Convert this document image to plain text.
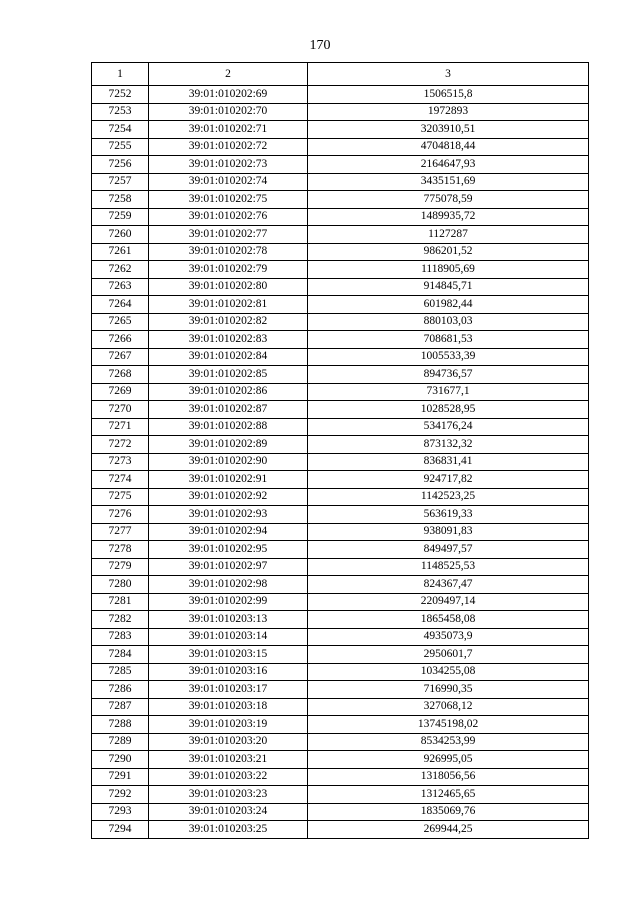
170
1	2	3
7252	39:01:010202:69	1506515,8
7253	39:01:010202:70	1972893
7254	39:01:010202:71	3203910,51
7255	39:01:010202:72	4704818,44
7256	39:01:010202:73	2164647,93
7257	39:01:010202:74	3435151,69
7258	39:01:010202:75	775078,59
7259	39:01:010202:76	1489935,72
7260	39:01:010202:77	1127287
7261	39:01:010202:78	986201,52
7262	39:01:010202:79	1118905,69
7263	39:01:010202:80	914845,71
7264	39:01:010202:81	601982,44
7265	39:01:010202:82	880103,03
7266	39:01:010202:83	708681,53
7267	39:01:010202:84	1005533,39
7268	39:01:010202:85	894736,57
7269	39:01:010202:86	731677,1
7270	39:01:010202:87	1028528,95
7271	39:01:010202:88	534176,24
7272	39:01:010202:89	873132,32
7273	39:01:010202:90	836831,41
7274	39:01:010202:91	924717,82
7275	39:01:010202:92	1142523,25
7276	39:01:010202:93	563619,33
7277	39:01:010202:94	938091,83
7278	39:01:010202:95	849497,57
7279	39:01:010202:97	1148525,53
7280	39:01:010202:98	824367,47
7281	39:01:010202:99	2209497,14
7282	39:01:010203:13	1865458,08
7283	39:01:010203:14	4935073,9
7284	39:01:010203:15	2950601,7
7285	39:01:010203:16	1034255,08
7286	39:01:010203:17	716990,35
7287	39:01:010203:18	327068,12
7288	39:01:010203:19	13745198,02
7289	39:01:010203:20	8534253,99
7290	39:01:010203:21	926995,05
7291	39:01:010203:22	1318056,56
7292	39:01:010203:23	1312465,65
7293	39:01:010203:24	1835069,76
7294	39:01:010203:25	269944,25
